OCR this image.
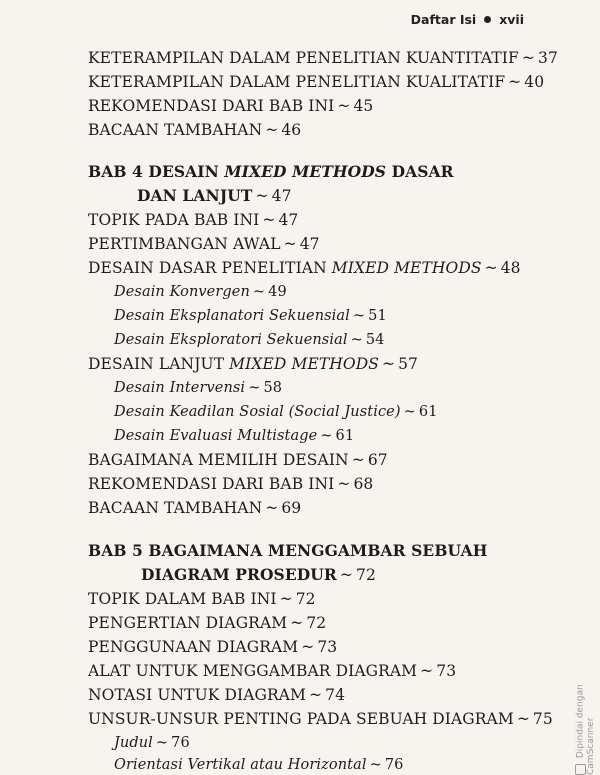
Daftar Isi xvii
KETERAMPILAN DALAM PENELITIAN KUANTITATIF ~ 37
KETERAMPILAN DALAM PENELITIAN KUALITATIF ~ 40
REKOMENDASI DARI BAB INI ~ 45
BACAAN TAMBAHAN ~ 46
BAB 4 DESAIN MIXED METHODS DASAR
DAN LANJUT ~ 47
TOPIK PADA BAB INI ~ 47
PERTIMBANGAN AWAL ~ 47
DESAIN DASAR PENELITIAN MIXED METHODS ~ 48
Desain Konvergen ~ 49
Desain Eksplanatori Sekuensial ~ 51
Desain Eksploratori Sekuensial ~ 54
DESAIN LANJUT MIXED METHODS ~ 57
Desain Intervensi ~ 58
Desain Keadilan Sosial (Social Justice) ~ 61
Desain Evaluasi Multistage ~ 61
BAGAIMANA MEMILIH DESAIN ~ 67
REKOMENDASI DARI BAB INI ~ 68
BACAAN TAMBAHAN ~ 69
BAB 5 BAGAIMANA MENGGAMBAR SEBUAH
DIAGRAM PROSEDUR ~ 72
TOPIK DALAM BAB INI ~ 72
PENGERTIAN DIAGRAM ~ 72
PENGGUNAAN DIAGRAM ~ 73
ALAT UNTUK MENGGAMBAR DIAGRAM ~ 73
NOTASI UNTUK DIAGRAM ~ 74
UNSUR-UNSUR PENTING PADA SEBUAH DIAGRAM ~ 75
Judul ~ 76
Orientasi Vertikal atau Horizontal ~ 76
Dipindai dengan CamScanner
